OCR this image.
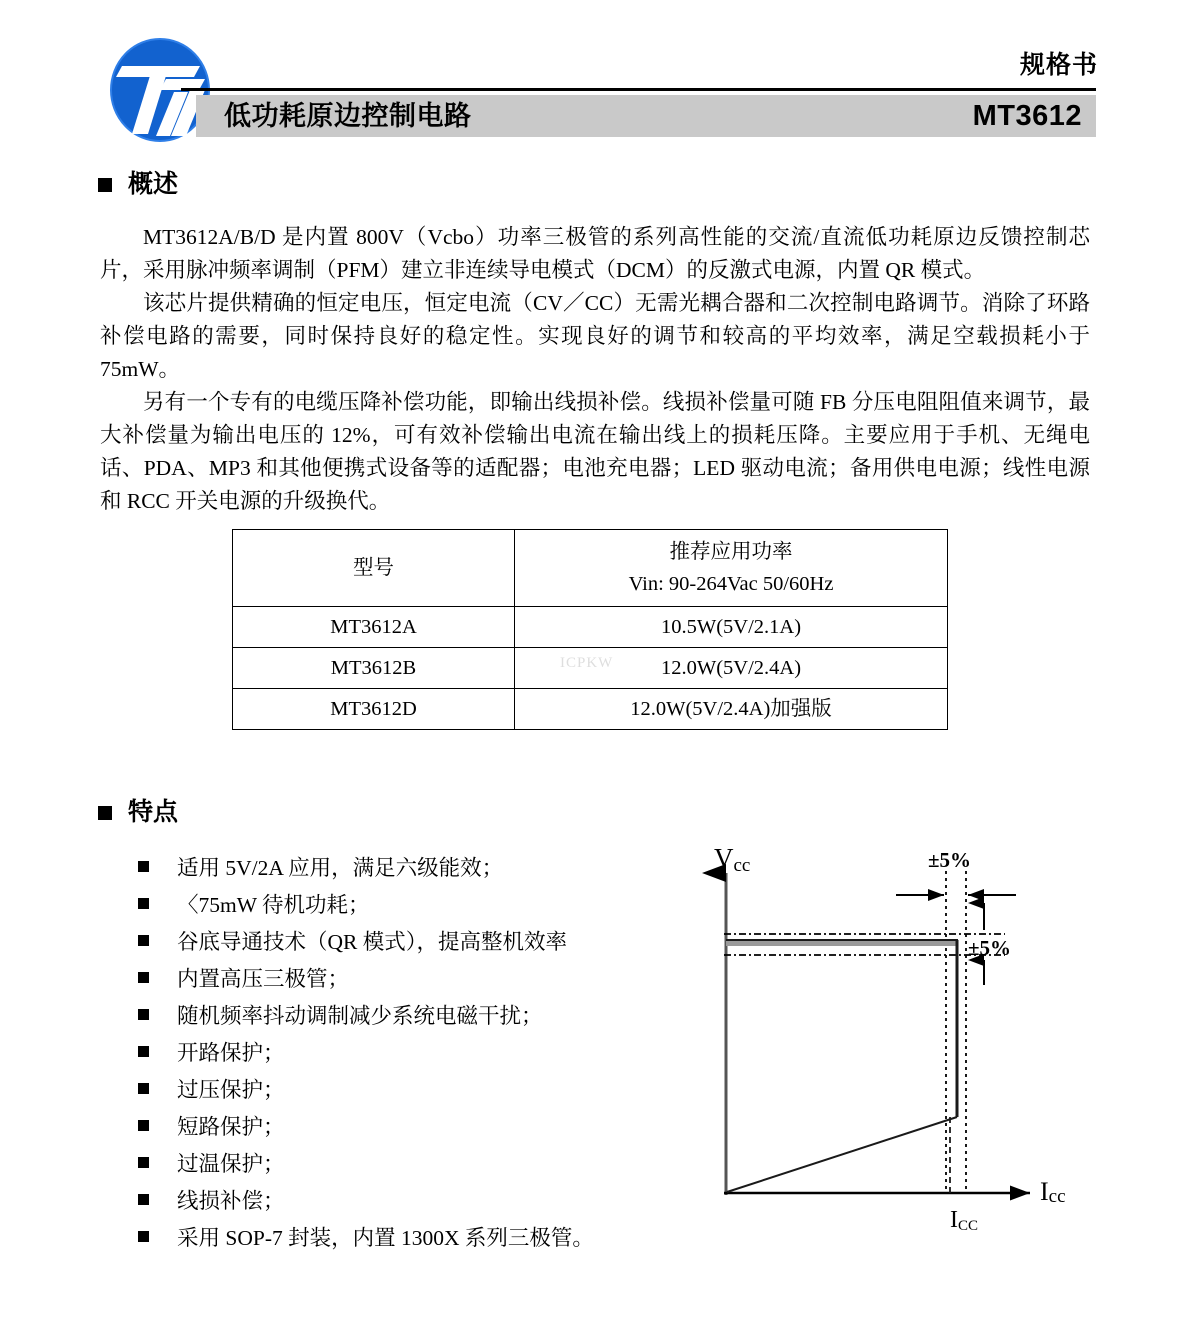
规格书
低功耗原边控制电路	MT3612
概述

MT3612A/B/D 是内置 800V（Vcbo）功率三极管的系列高性能的交流/直流低功耗原边反馈控制芯片，采用脉冲频率调制（PFM）建立非连续导电模式（DCM）的反激式电源，内置 QR 模式。

该芯片提供精确的恒定电压，恒定电流（CV／CC）无需光耦合器和二次控制电路调节。消除了环路补偿电路的需要，同时保持良好的稳定性。实现良好的调节和较高的平均效率，满足空载损耗小于 75mW。

另有一个专有的电缆压降补偿功能，即输出线损补偿。线损补偿量可随 FB 分压电阻阻值来调节，最大补偿量为输出电压的 12%，可有效补偿输出电流在输出线上的损耗压降。主要应用于手机、无绳电话、PDA、MP3 和其他便携式设备等的适配器；电池充电器；LED 驱动电流；备用供电电源；线性电源和 RCC 开关电源的升级换代。

型号	推荐应用功率
Vin: 90-264Vac 50/60Hz

MT3612A	10.5W(5V/2.1A)
MT3612B	12.0W(5V/2.4A)
MT3612D	12.0W(5V/2.4A)加强版
ICPKW
特点
适用 5V/2A 应用，满足六级能效；
〈75mW 待机功耗；
谷底导通技术（QR 模式），提高整机效率
内置高压三极管；
随机频率抖动调制减少系统电磁干扰；
开路保护；
过压保护；
短路保护；
过温保护；
线损补偿；
采用 SOP-7 封装，内置 1300X 系列三极管。
Vcc
Icc
ICC
±5%
±5%
